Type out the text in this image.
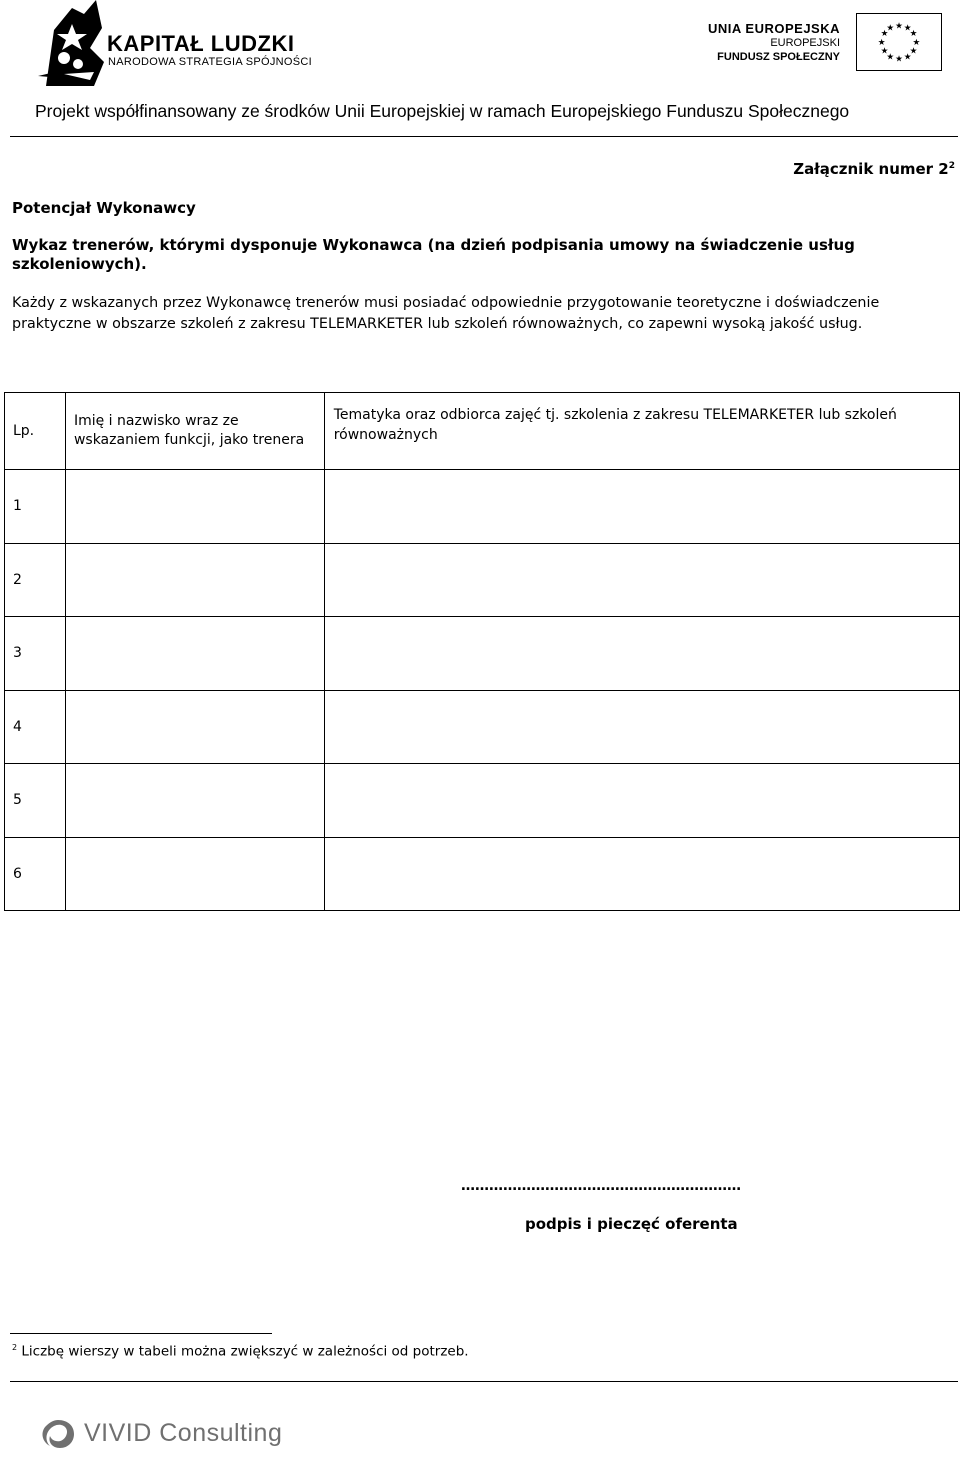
KAPITAŁ LUDZKI
NARODOWA STRATEGIA SPÓJNOŚCI
UNIA EUROPEJSKA
EUROPEJSKI
FUNDUSZ SPOŁECZNY
★ ★
★
★
★
★
★
★
★
★
★
★
Projekt współfinansowany ze środków Unii Europejskiej w ramach Europejskiego Funduszu Społecznego
Załącznik numer $2^2$
Potencjał Wykonawcy
Wykaz trenerów, którymi dysponuje Wykonawca (na dzień podpisania umowy na świadczenie usług szkoleniowych).
Każdy z wskazanych przez Wykonawcę trenerów musi posiadać odpowiednie przygotowanie teoretyczne i doświadczenie praktyczne w obszarze szkoleń z zakresu TELEMARKETER lub szkoleń równoważnych, co zapewni wysoką jakość usług.
Lp.	Imię i nazwisko wraz ze wskazaniem funkcji, jako trenera	Tematyka oraz odbiorca zajęć tj. szkolenia z zakresu TELEMARKETER lub szkoleń równoważnych
1		
2		
3		
4		
5		
6		
……………………………………………………
podpis i pieczęć oferenta
$^2$ Liczbę wierszy w tabeli można zwiększyć w zależności od potrzeb.
VIVID Consulting
